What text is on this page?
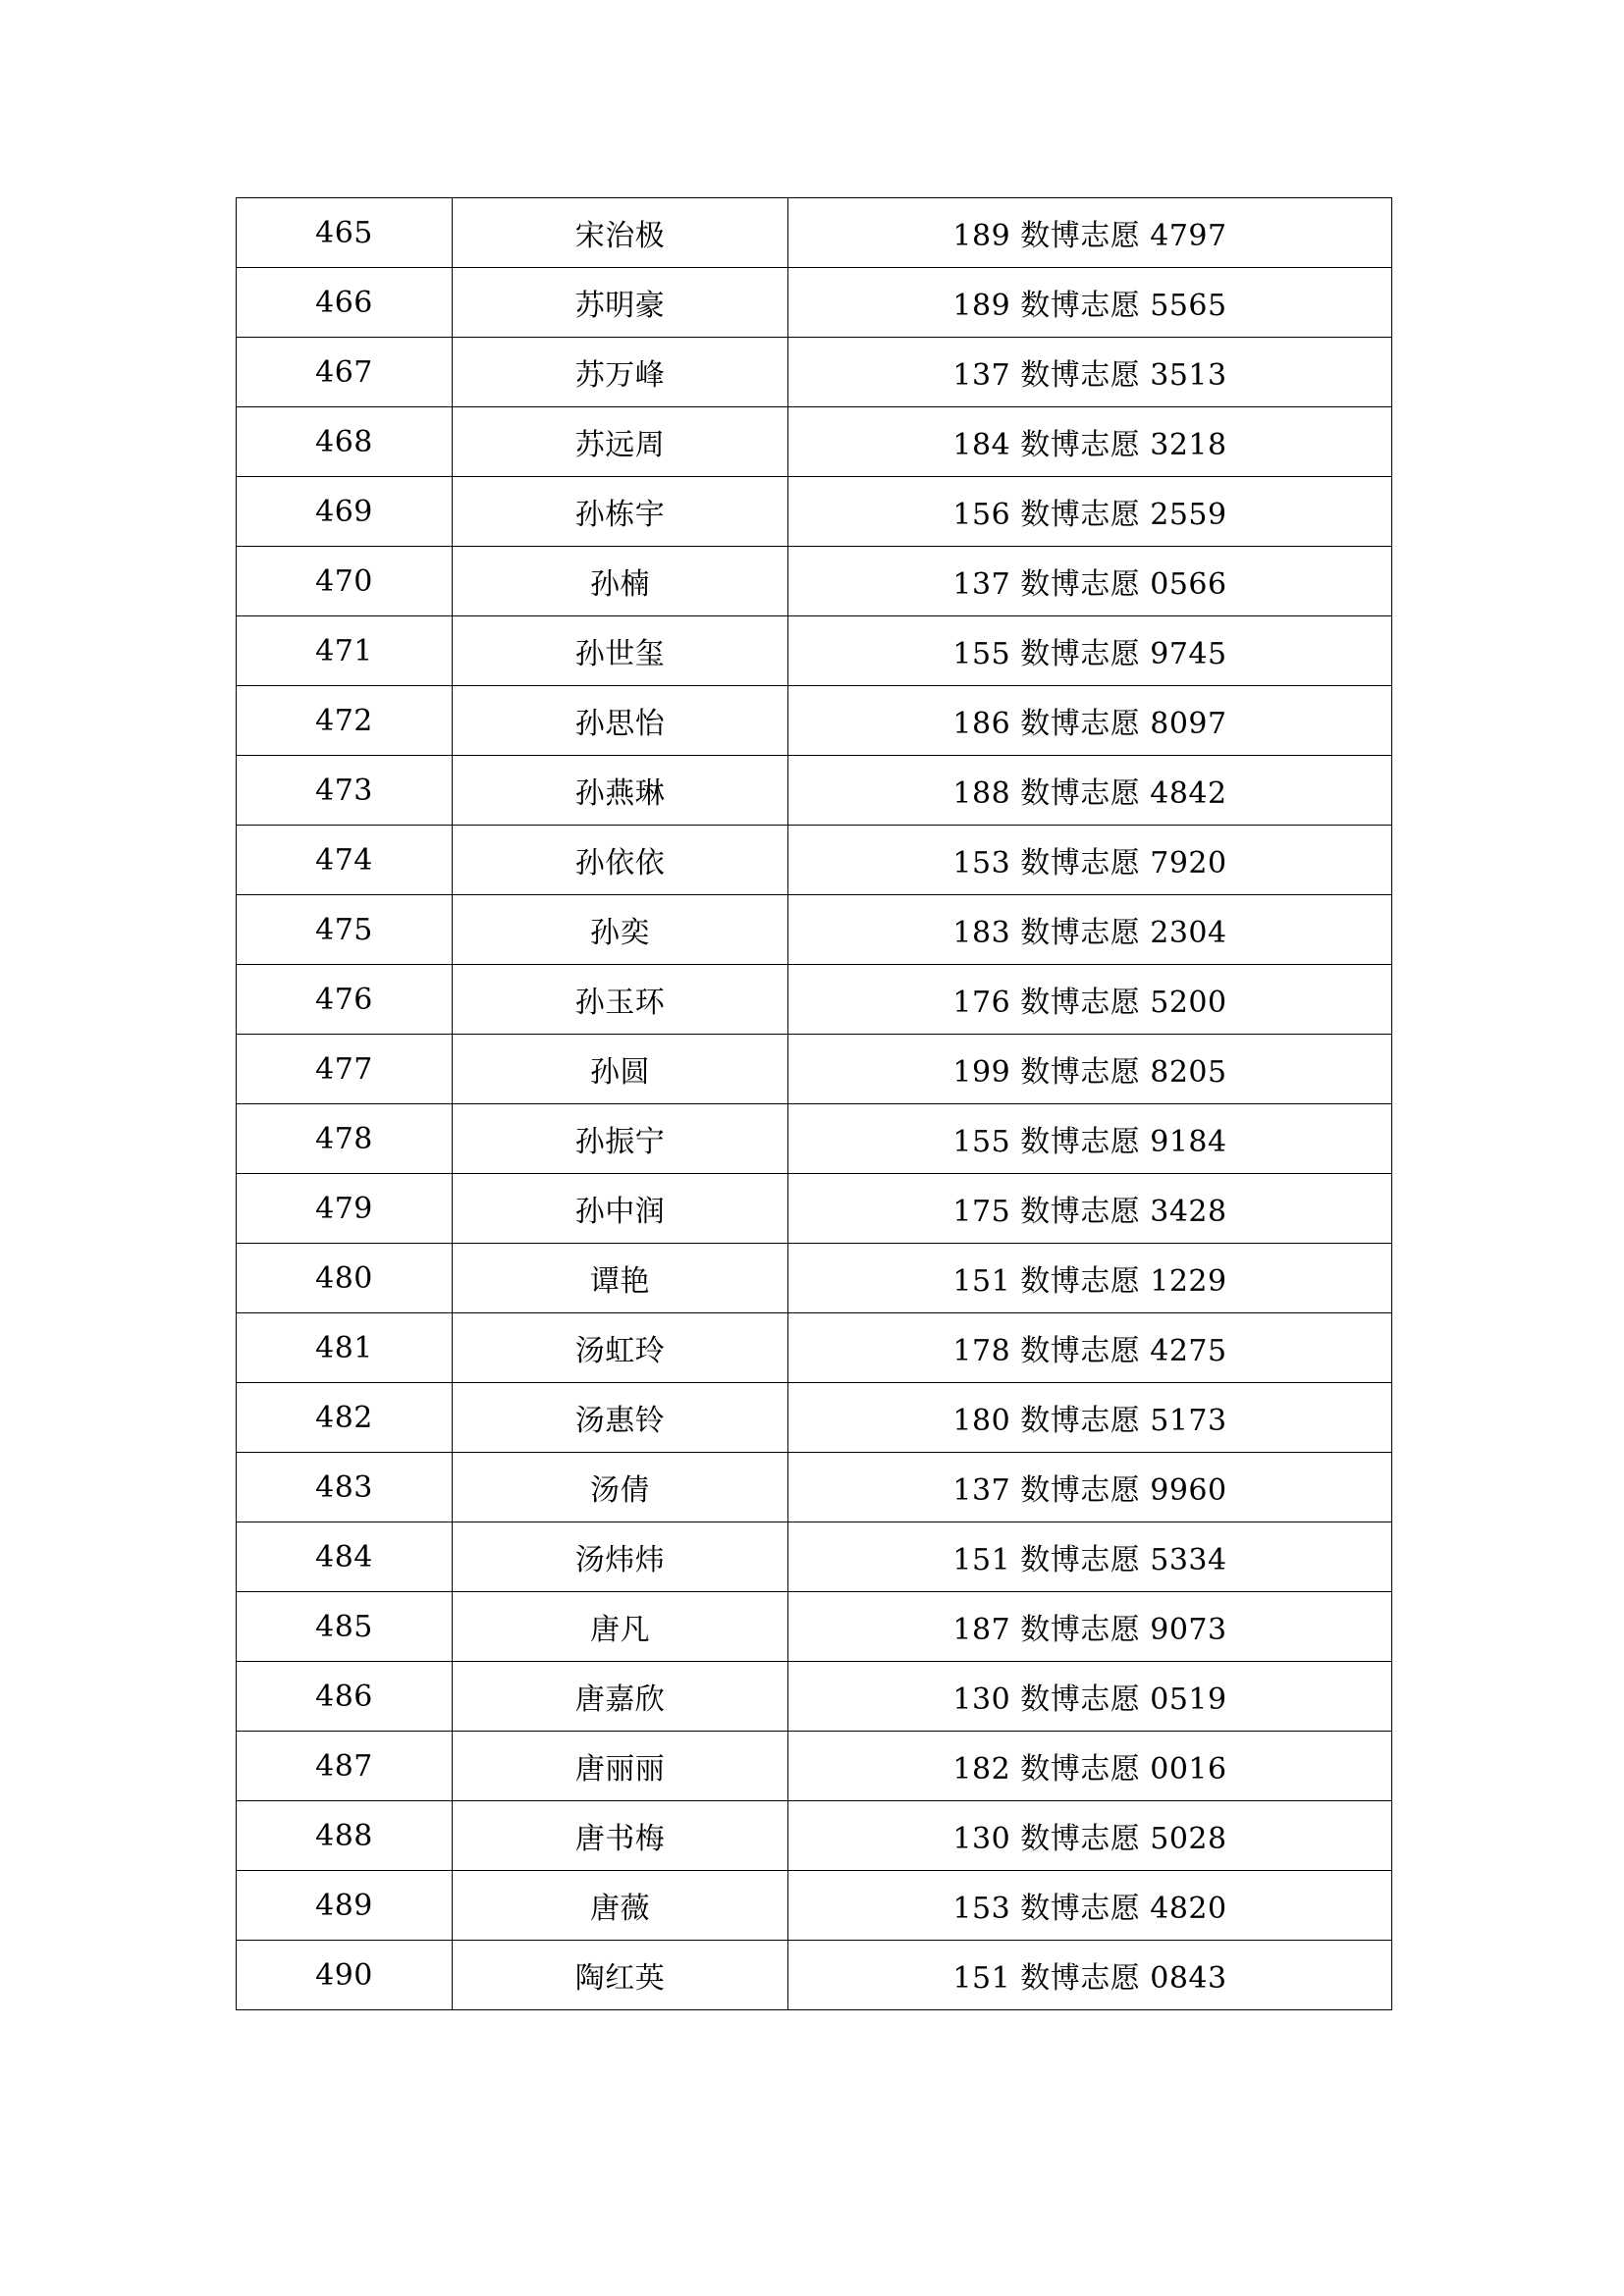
465	宋治极	189 数博志愿 4797
466	苏明豪	189 数博志愿 5565
467	苏万峰	137 数博志愿 3513
468	苏远周	184 数博志愿 3218
469	孙栋宇	156 数博志愿 2559
470	孙楠	137 数博志愿 0566
471	孙世玺	155 数博志愿 9745
472	孙思怡	186 数博志愿 8097
473	孙燕琳	188 数博志愿 4842
474	孙依依	153 数博志愿 7920
475	孙奕	183 数博志愿 2304
476	孙玉环	176 数博志愿 5200
477	孙圆	199 数博志愿 8205
478	孙振宁	155 数博志愿 9184
479	孙中润	175 数博志愿 3428
480	谭艳	151 数博志愿 1229
481	汤虹玲	178 数博志愿 4275
482	汤惠铃	180 数博志愿 5173
483	汤倩	137 数博志愿 9960
484	汤炜炜	151 数博志愿 5334
485	唐凡	187 数博志愿 9073
486	唐嘉欣	130 数博志愿 0519
487	唐丽丽	182 数博志愿 0016
488	唐书梅	130 数博志愿 5028
489	唐薇	153 数博志愿 4820
490	陶红英	151 数博志愿 0843
